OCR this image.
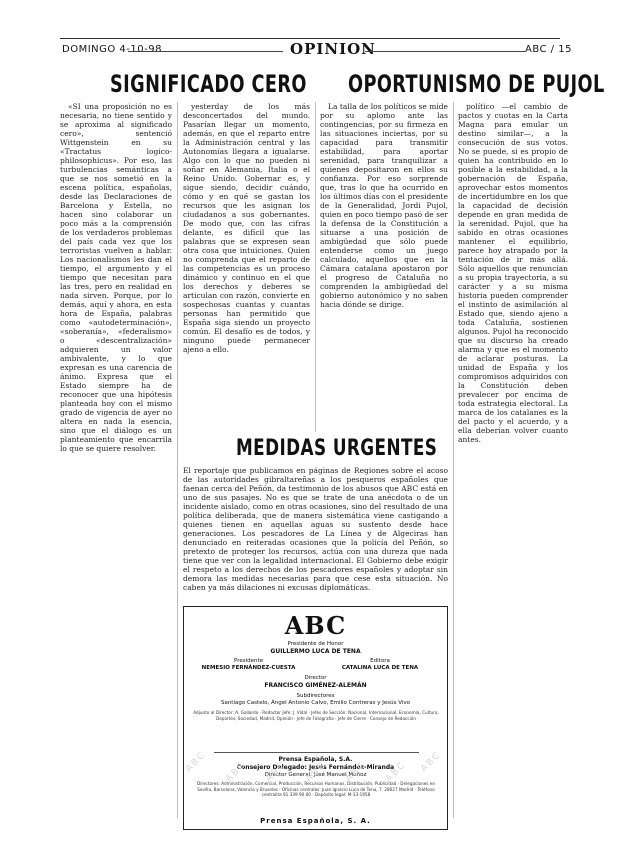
DOMINGO 4-10-98	OPINION	ABC / 15
SIGNIFICADO CERO OPORTUNISMO DE PUJOL

«SI una proposición no es necesaria, no tiene sentido y se aproxima al significado cero», sentenció Wittgenstein en su «Tractatus logico-philosophicus». Por eso, las turbulencias semánticas a que se nos sometió en la escena política, españolas, desde las Declaraciones de Barcelona y Estella, no hacen sino colaborar un poco más a la comprensión de los verdaderos problemas del país cada vez que los terroristas vuelven a hablar. Los nacionalismos les dan el tiempo, el argumento y el tiempo que necesitan para las tres, pero en realidad en nada sirven. Porque, por lo demás, aquí y ahora, en esta hora de España, palabras como «autodeterminación», «soberanía», «federalismo» o «descentralización» adquieren un valor ambivalente, y lo que expresan es una carencia de ánimo. Expresa que el Estado siempre ha de reconocer que una hipótesis planteada hoy con el mismo grado de vigencia de ayer no altera en nada la esencia, sino que el diálogo es un planteamiento que encarrila lo que se quiere resolver.

yesterday de los más desconcertados del mundo. Pasarían llegar un momento, además, en que el reparto entre la Administración central y las Autonomías llegara a igualarse. Algo con lo que no pueden ni soñar en Alemania, Italia o el Reino Unido. Gobernar es, y sigue siendo, decidir cuándo, cómo y en qué se gastan los recursos que les asignan los ciudadanos a sus gobernantes. De modo que, con las cifras delante, es difícil que las palabras que se expresen sean otra cosa que intuiciones. Quien no comprenda que el reparto de las competencias es un proceso dinámico y continuo en el que los derechos y deberes se articulan con razón, convierte en sospechosas cuantas y cuantas personas han permitido que España siga siendo un proyecto común. El desafío es de todos, y ninguno puede permanecer ajeno a ello.

La talla de los políticos se mide por su aplomo ante las contingencias, por su firmeza en las situaciones inciertas, por su capacidad para transmitir estabilidad, para aportar serenidad, para tranquilizar a quienes depositaron en ellos su confianza. Por eso sorprende que, tras lo que ha ocurrido en los últimos días con el presidente de la Generalidad, Jordi Pujol, quien en poco tiempo pasó de ser la defensa de la Constitución a situarse a una posición de ambigüedad que sólo puede entenderse como un juego calculado, aquellos que en la Cámara catalana apostaron por el progreso de Cataluña no comprenden la ambigüedad del gobierno autonómico y no saben hacia dónde se dirige.

político —el cambio de pactos y cuotas en la Carta Magna para emular un destino similar—, a la consecución de sus votos. No se puede, si es propio de quien ha contribuido en lo posible a la estabilidad, a la gobernación de España, aprovechar estos momentos de incertidumbre en los que la capacidad de decisión depende en gran medida de la serenidad. Pujol, que ha sabido en otras ocasiones mantener el equilibrio, parece hoy atrapado por la tentación de ir más allá. Sólo aquellos que renuncian a su propia trayectoria, a su carácter y a su misma historia pueden comprender el instinto de asimilación al Estado que, siendo ajeno a toda Cataluña, sostienen algunos. Pujol ha reconocido que su discurso ha creado alarma y que es el momento de aclarar posturas. La unidad de España y los compromisos adquiridos con la Constitución deben prevalecer por encima de toda estrategia electoral. La marca de los catalanes es la del pacto y el acuerdo, y a ella deberían volver cuanto antes.

MEDIDAS URGENTES

El reportaje que publicamos en páginas de Regiones sobre el acoso de las autoridades gibraltareñas a los pesqueros españoles que faenan cerca del Peñón, da testimonio de los abusos que ABC está en uno de sus pasajes. No es que se trate de una anécdota o de un incidente aislado, como en otras ocasiones, sino del resultado de una política deliberada, que de manera sistemática viene castigando a quienes tienen en aquellas aguas su sustento desde hace generaciones. Los pescadores de La Línea y de Algeciras han denunciado en reiteradas ocasiones que la policía del Peñón, so pretexto de proteger los recursos, actúa con una dureza que nada tiene que ver con la legalidad internacional. El Gobierno debe exigir el respeto a los derechos de los pescadores españoles y adoptar sin demora las medidas necesarias para que cese esta situación. No caben ya más dilaciones ni excusas diplomáticas.

ABC
Presidente de Honor
GUILLERMO LUCA DE TENA
Presidente	Editora
NEMESIO FERNÁNDEZ-CUESTA	CATALINA LUCA DE TENA
Director
FRANCISCO GIMÉNEZ-ALEMÁN
Subdirectores
Santiago Castelo, Ángel Antonio Calvo, Emilio Contreras y Jesús Vivo
Adjunto al Director: A. Gallardo · Redactor Jefe: J. Vidal · Jefes de Sección: Nacional, Internacional, Economía, Cultura, Deportes, Sociedad, Madrid, Opinión · Jefe de Fotografía · Jefe de Cierre · Consejo de Redacción
Prensa Española, S.A.
Consejero Delegado: Jesús Fernández-Miranda
Director General: José Manuel Muñoz
Directores: Administración, Comercial, Producción, Recursos Humanos, Distribución, Publicidad · Delegaciones en Sevilla, Barcelona, Valencia y Bruselas · Oficinas centrales: Juan Ignacio Luca de Tena, 7. 28027 Madrid · Teléfono centralita 91 339 90 00 · Depósito legal: M-13-1958
Prensa Española, S. A.
ABC ABC ABC ABC ABC ABC ABC
